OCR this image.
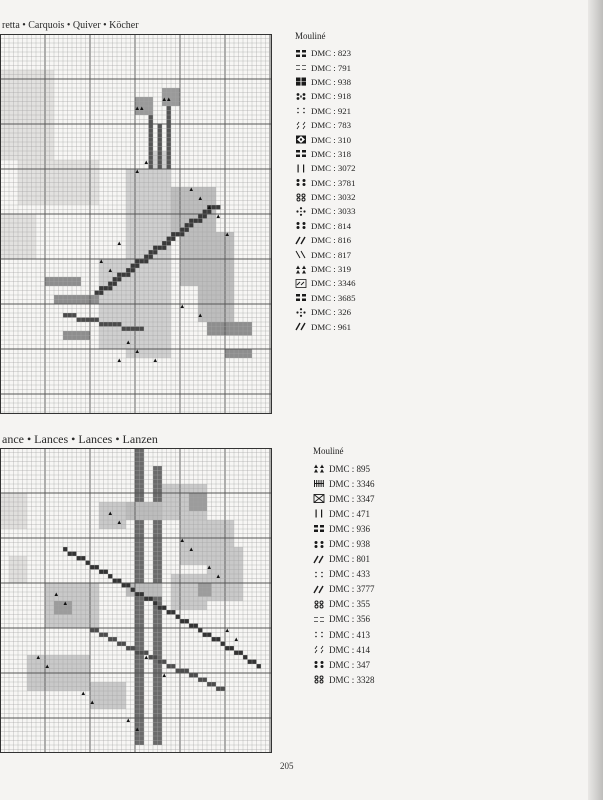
retta • Carquois • Quiver • Köcher
Mouliné
DMC : 823
DMC : 791
DMC : 938
DMC : 918
DMC : 921
DMC : 783
DMC : 310
DMC : 318
DMC : 3072
DMC : 3781
DMC : 3032
DMC : 3033
DMC : 814
DMC : 816
DMC : 817
DMC : 319
DMC : 3346
DMC : 3685
DMC : 326
DMC : 961
ance • Lances • Lances • Lanzen
Mouliné
DMC : 895
DMC : 3346
DMC : 3347
DMC : 471
DMC : 936
DMC : 938
DMC : 801
DMC : 433
DMC : 3777
DMC : 355
DMC : 356
DMC : 413
DMC : 414
DMC : 347
DMC : 3328
205
